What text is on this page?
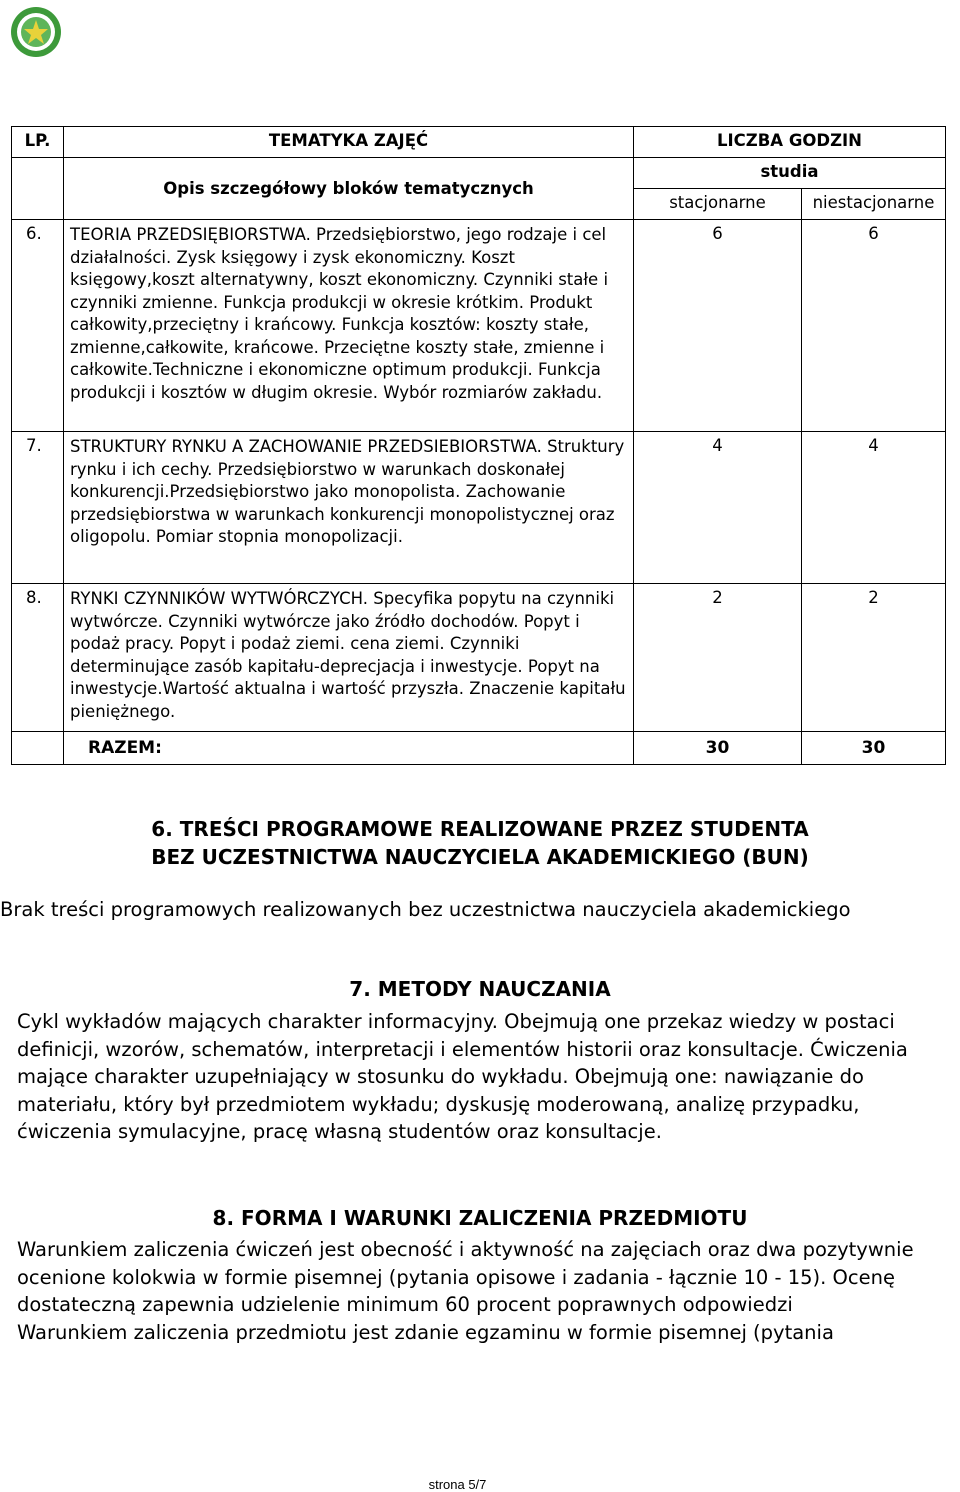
LP.	TEMATYKA ZAJĘĆ	LICZBA GODZIN	
	Opis szczegółowy bloków tematycznych	studia	
		stacjonarne	niestacjonarne
6.	TEORIA PRZEDSIĘBIORSTWA. Przedsiębiorstwo, jego rodzaje i cel działalności. Zysk księgowy i zysk ekonomiczny. Koszt księgowy,koszt alternatywny, koszt ekonomiczny. Czynniki stałe i czynniki zmienne. Funkcja produkcji w okresie krótkim. Produkt całkowity,przeciętny i krańcowy. Funkcja kosztów: koszty stałe, zmienne,całkowite, krańcowe. Przeciętne koszty stałe, zmienne i całkowite.Techniczne i ekonomiczne optimum produkcji. Funkcja produkcji i kosztów w długim okresie. Wybór rozmiarów zakładu.	6	6
7.	STRUKTURY RYNKU A ZACHOWANIE PRZEDSIEBIORSTWA. Struktury rynku i ich cechy. Przedsiębiorstwo w warunkach doskonałej konkurencji.Przedsiębiorstwo jako monopolista. Zachowanie przedsiębiorstwa w warunkach konkurencji monopolistycznej oraz oligopolu. Pomiar stopnia monopolizacji.	4	4
8.	RYNKI CZYNNIKÓW WYTWÓRCZYCH. Specyfika popytu na czynniki wytwórcze. Czynniki wytwórcze jako źródło dochodów. Popyt i podaż pracy. Popyt i podaż ziemi. cena ziemi. Czynniki determinujące zasób kapitału-deprecjacja i inwestycje. Popyt na inwestycje.Wartość aktualna i wartość przyszła. Znaczenie kapitału pieniężnego.	2	2
	RAZEM:	30	30
6. TREŚCI PROGRAMOWE REALIZOWANE PRZEZ STUDENTA
BEZ UCZESTNICTWA NAUCZYCIELA AKADEMICKIEGO (BUN)
Brak treści programowych realizowanych bez uczestnictwa nauczyciela akademickiego
7. METODY NAUCZANIA
Cykl wykładów mających charakter informacyjny. Obejmują one przekaz wiedzy w postaci definicji, wzorów, schematów, interpretacji i elementów historii oraz konsultacje. Ćwiczenia mające charakter uzupełniający w stosunku do wykładu. Obejmują one: nawiązanie do materiału, który był przedmiotem wykładu; dyskusję moderowaną, analizę przypadku, ćwiczenia symulacyjne, pracę własną studentów oraz konsultacje.
8. FORMA I WARUNKI ZALICZENIA PRZEDMIOTU
Warunkiem zaliczenia ćwiczeń jest obecność i aktywność na zajęciach oraz dwa pozytywnie ocenione kolokwia w formie pisemnej (pytania opisowe i zadania - łącznie 10 - 15). Ocenę dostateczną zapewnia udzielenie minimum 60 procent poprawnych odpowiedzi
Warunkiem zaliczenia przedmiotu jest zdanie egzaminu w formie pisemnej (pytania
strona 5/7
